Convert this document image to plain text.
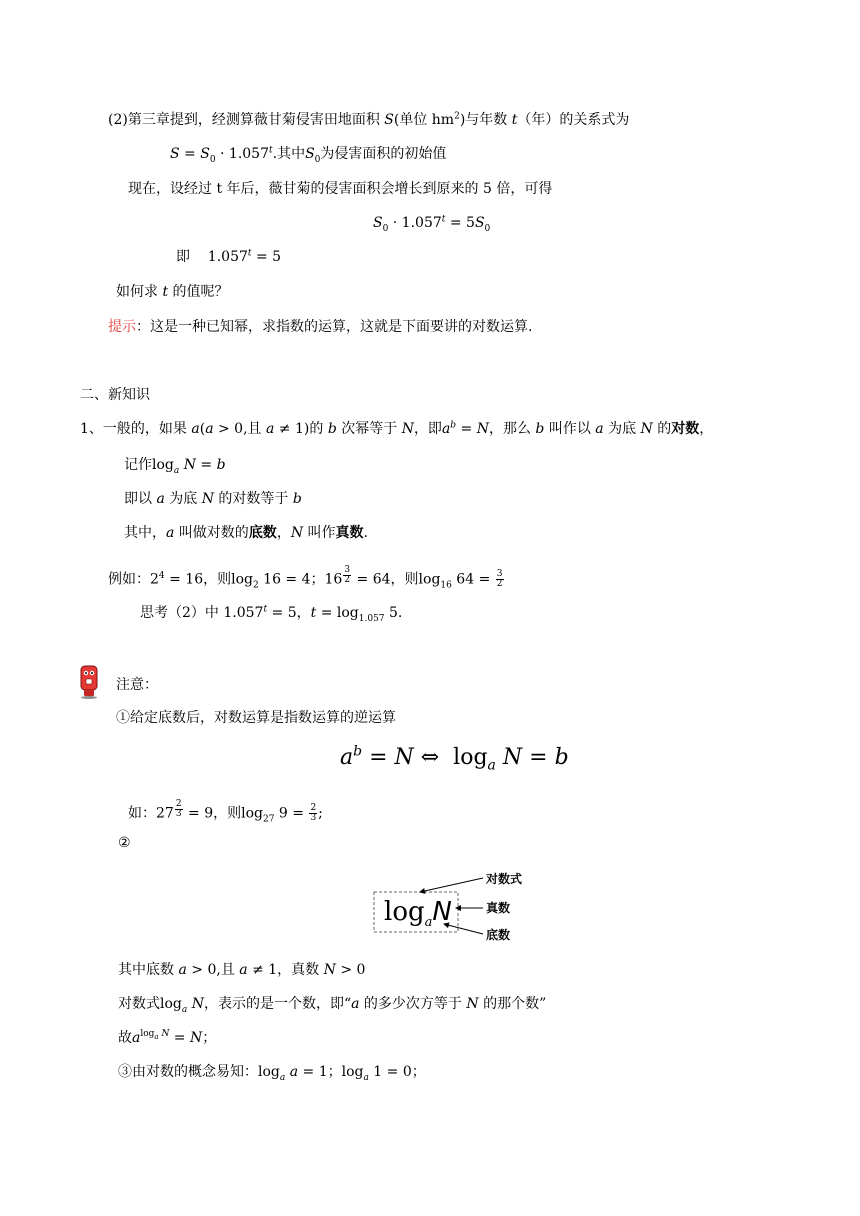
(2)第三章提到，经测算薇甘菊侵害田地面积 S(单位 $hm^2$)与年数 t（年）的关系式为
$S = S_0 \cdot 1.057^t$.其中$S_0$为侵害面积的初始值
现在，设经过 t 年后，薇甘菊的侵害面积会增长到原来的 5 倍，可得
$S_0 \cdot 1.057^t = 5S_0$
即    $1.057^t = 5$
如何求 t 的值呢？
提示：这是一种已知幂，求指数的运算，这就是下面要讲的对数运算.
二、新知识
1、一般的，如果 a(a > 0,且 a ≠ 1)的 b 次幂等于 N，即$a^b = N$，那么 b 叫作以 a 为底 N 的对数，
记作$\log_a N = b$
即以 a 为底 N 的对数等于 b
其中，a 叫做对数的底数，N 叫作真数.
例如：$2^4 = 16$，则$\log_2 16 = 4$；16 $^{\frac{3}{2}}$ = 64，则$\log_{16} 64 = \frac{3}{2}$
思考（2）中 $1.057^t = 5$，$t = \log_{1.057} 5$.
注意：
①给定底数后，对数运算是指数运算的逆运算
$a^b = N$ ⇔  $\log_a N = b$
如：27 $^{\frac{2}{3}}$ = 9，则$\log_{27} 9 = \frac{2}{3}$ ;
②
$\log_aN$
对数式
真数
底数
其中底数 a > 0,且 a ≠ 1，真数 N > 0
对数式$\log_a N$，表示的是一个数，即“a 的多少次方等于 N 的那个数”
故$a^{log_a N} = N$；
③由对数的概念易知：$\log_a a = 1$；$\log_a 1 = 0$；
